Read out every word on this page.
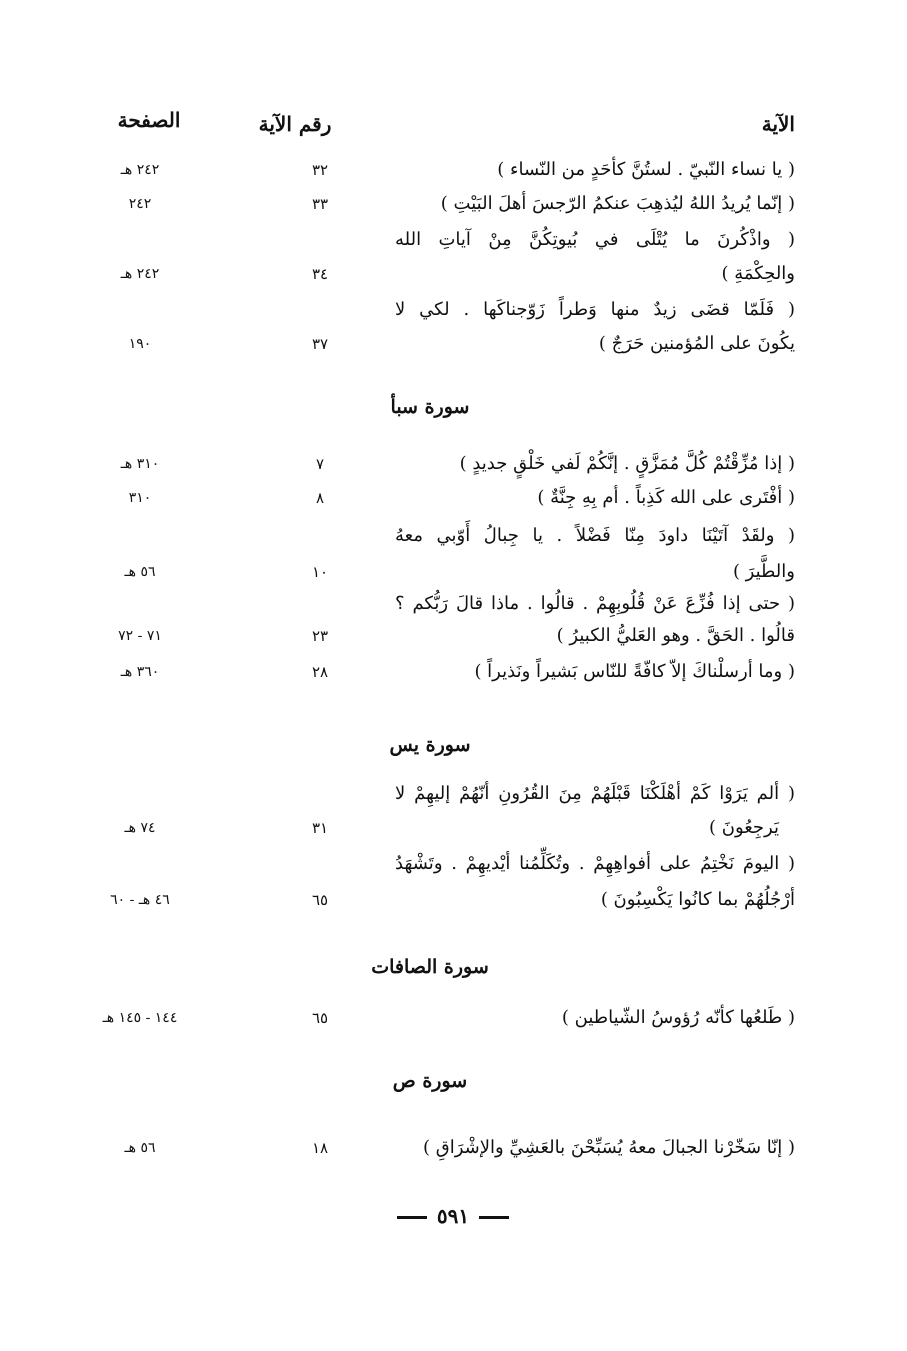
الآية
رقم الآية
الصفحة
( يا نساء النّبيّ . لستُنَّ كأحَدٍ من النّساء )
٣٢
٢٤٢ هـ
( إنّما يُريدُ اللهُ ليُذهِبَ عنكمُ الرّجسَ أهلَ البَيْتِ )
٣٣
٢٤٢
( واذْكُرنَ ما يُتْلَى في بُيوتِكُنَّ مِنْ آياتِ الله
والحِكْمَةِ )
٣٤
٢٤٢ هـ
( فَلَمّا قضَى زيدٌ منها وَطراً زَوّجناكَها . لكي لا
يكُونَ على المُؤمنين حَرَجٌ )
٣٧
١٩٠
سورة سبأ
( إذا مُزِّقْتُمْ كُلَّ مُمَزَّقٍ . إنَّكُمْ لَفي خَلْقٍ جديدٍ )
٧
٣١٠ هـ
( أفْتَرى على الله كَذِباً . أم بِهِ جِنَّةٌ )
٨
٣١٠
( ولقَدْ آتَيْنَا داودَ مِنّا فَضْلاً . يا جِبالُ أَوّبي معهُ
والطَّيرَ )
١٠
٥٦ هـ
( حتى إذا فُزِّعَ عَنْ قُلُوبِهِمْ . قالُوا . ماذا قالَ رَبُّكم ؟
قالُوا . الحَقَّ . وهو العَليُّ الكبيرُ )
٢٣
٧١ - ٧٢
( وما أرسلْناكَ إلاّ كافّةً للنّاس بَشيراً ونَذيراً )
٢٨
٣٦٠ هـ
سورة يس
( ألم يَرَوْا كَمْ أهْلَكْنَا قَبْلَهُمْ مِنَ القُرُونِ أنّهُمْ إليهِمْ لا
يَرجِعُونَ )
٣١
٧٤ هـ
( اليومَ نَخْتِمُ على أفواهِهِمْ . وتُكَلِّمُنا أيْديهِمْ . وتَشْهَدُ
أرْجُلُهُمْ بما كانُوا يَكْسِبُونَ )
٦٥
٤٦ هـ - ٦٠
سورة الصافات
( طَلعُها كأنّه رُؤوسُ الشّياطين )
٦٥
١٤٤ - ١٤٥ هـ
سورة ص
( إنّا سَخّرْنا الجبالَ معهُ يُسَبِّحْنَ بالعَشِيِّ والإشْرَاقِ )
١٨
٥٦ هـ
٥٩١
